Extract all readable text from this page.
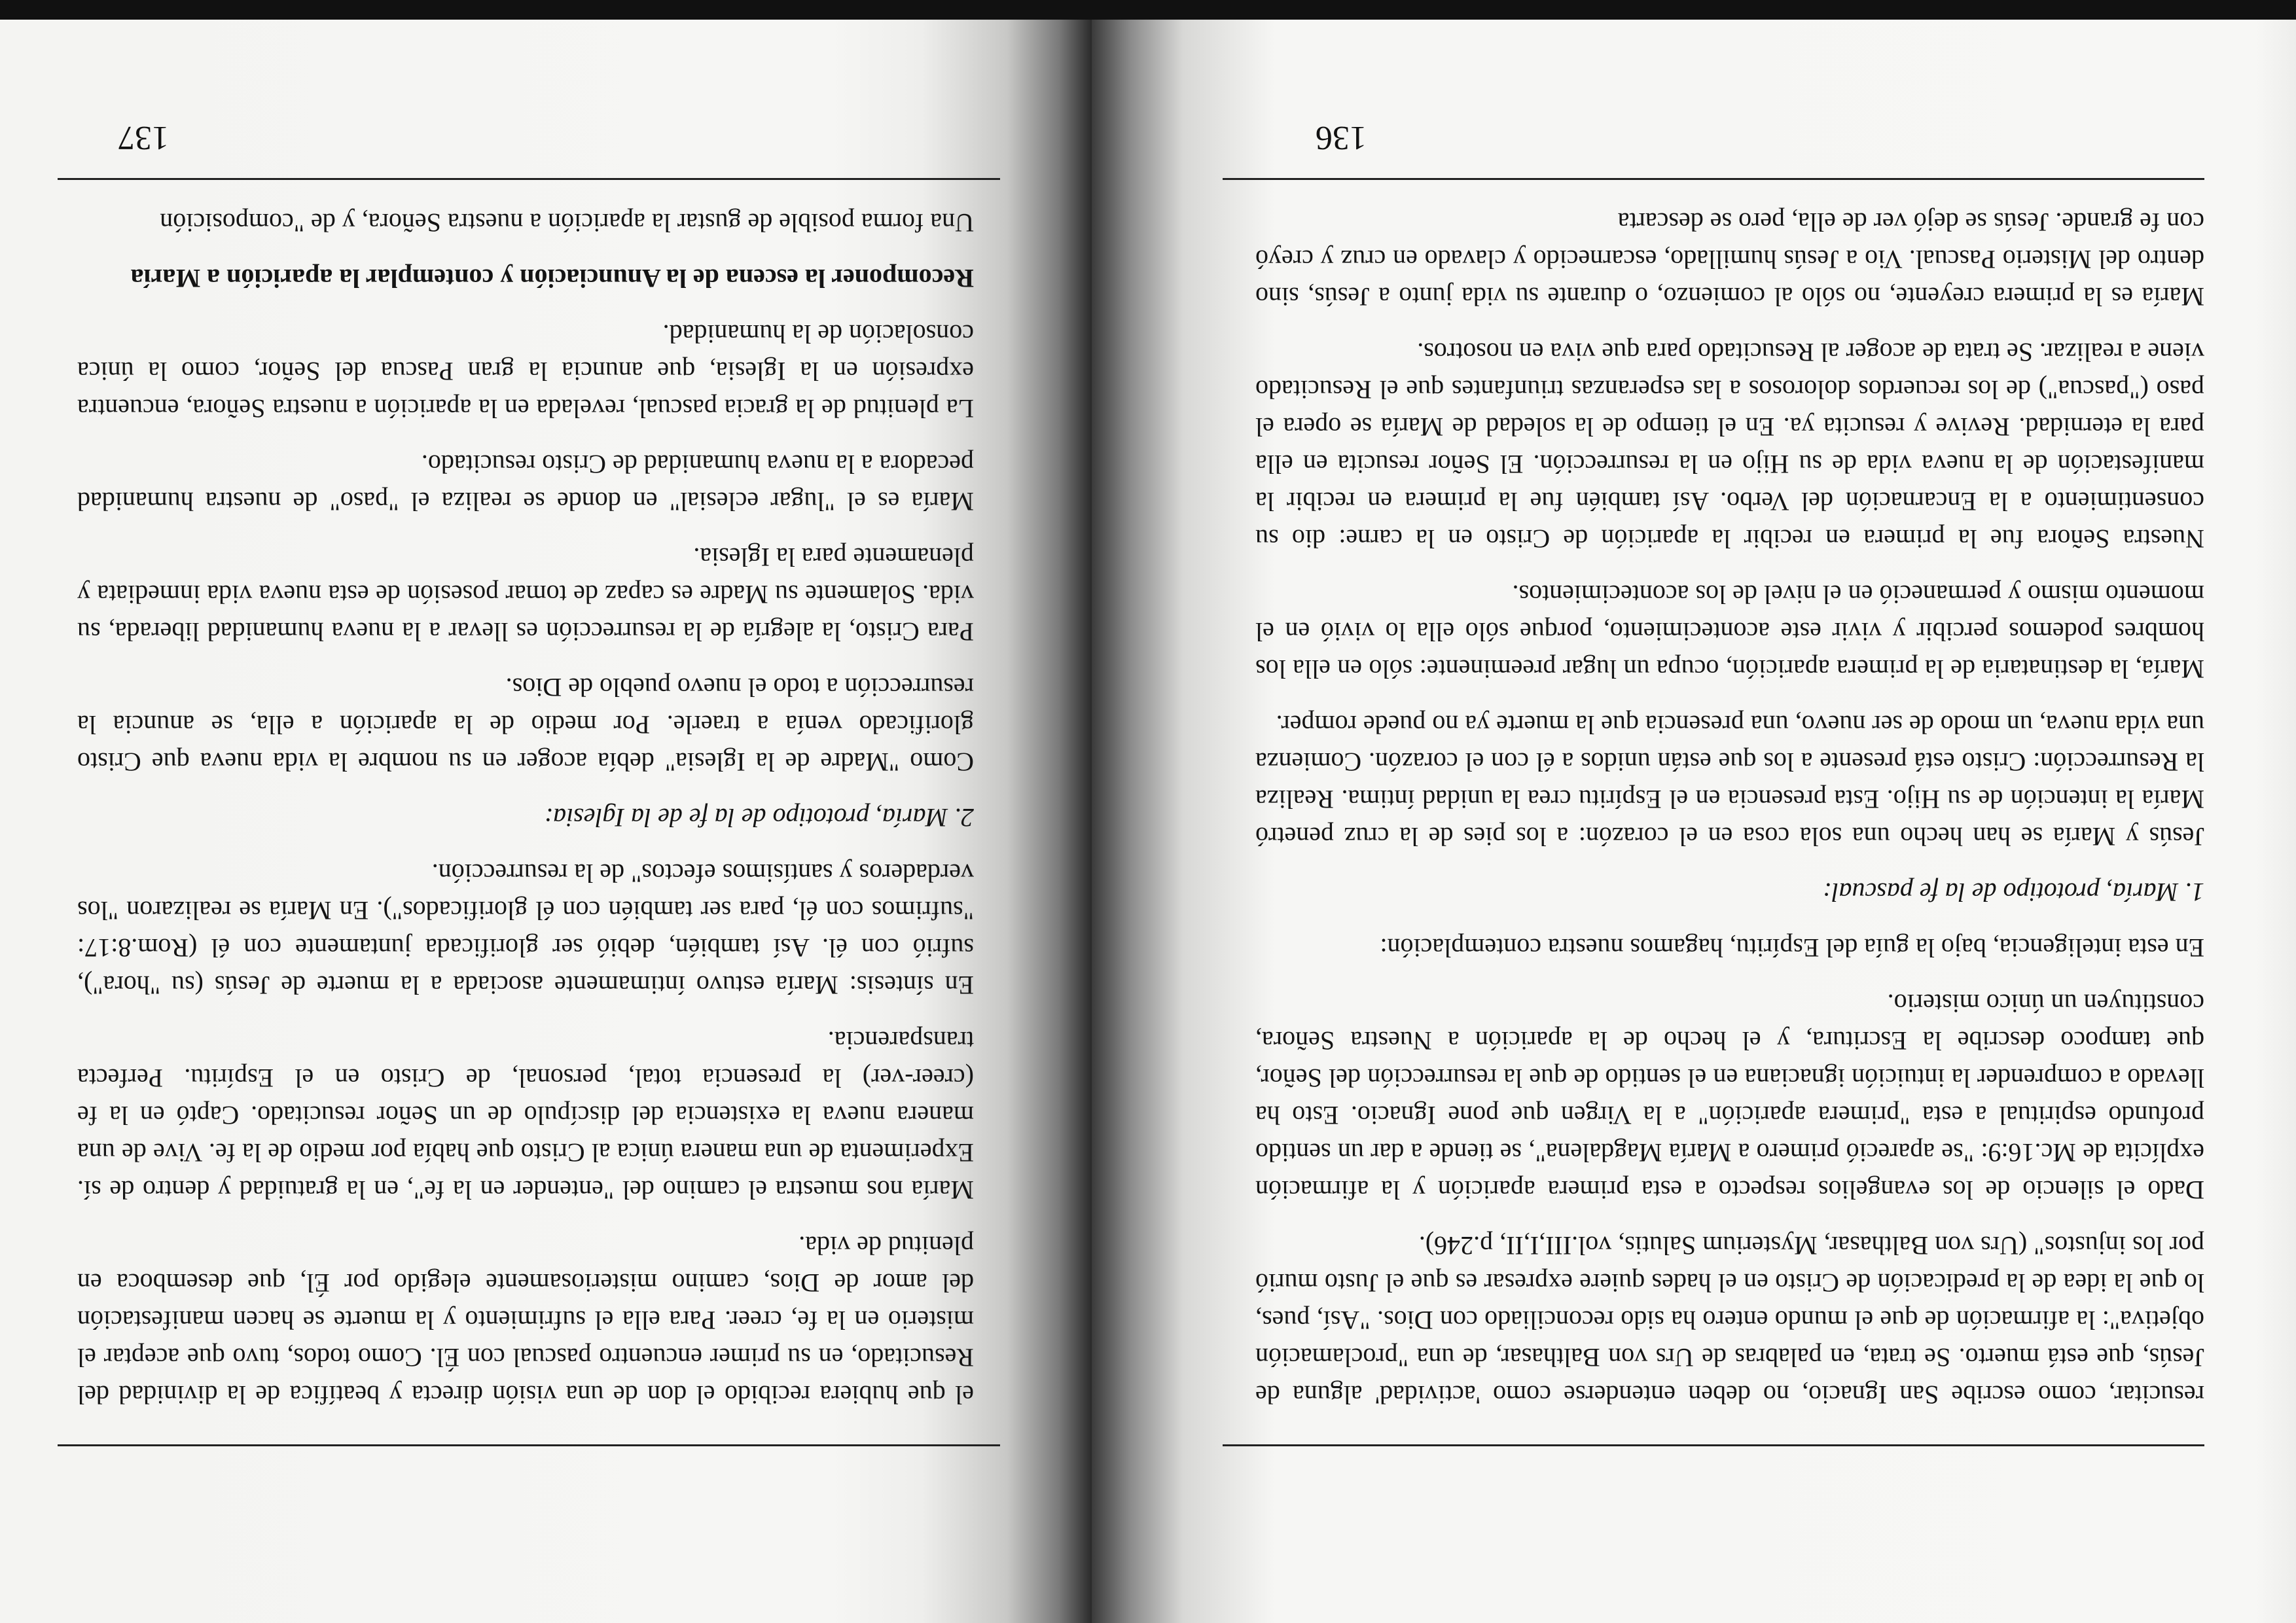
136

resucitar, como escribe San Ignacio, no deben entenderse como 'actividad' alguna de Jesús, que está muerto. Se trata, en palabras de Urs von Balthasar, de una "proclamación objetiva": la afirmación de que el mundo entero ha sido reconciliado con Dios. "Así, pues, lo que la idea de la predicación de Cristo en el hades quiere expresar es que el Justo murió por los injustos" (Urs von Balthasar, Mysterium Salutis, vol.III,I,II, p.246).

Dado el silencio de los evangelios respecto a esta primera aparición y la afirmación explícita de Mc.16:9: "se apareció primero a María Magdalena", se tiende a dar un sentido profundo espiritual a esta "primera aparición" a la Virgen que pone Ignacio. Esto ha llevado a comprender la intuición ignaciana en el sentido de que la resurrección del Señor, que tampoco describe la Escritura, y el hecho de la aparición a Nuestra Señora, constituyen un único misterio.

En esta inteligencia, bajo la guía del Espíritu, hagamos nuestra contemplación:

1. María, prototipo de la fe pascual:

Jesús y María se han hecho una sola cosa en el corazón: a los pies de la cruz penetró María la intención de su Hijo. Esta presencia en el Espíritu crea la unidad íntima. Realiza la Resurrección: Cristo está presente a los que están unidos a él con el corazón. Comienza una vida nueva, un modo de ser nuevo, una presencia que la muerte ya no puede romper.

María, la destinataria de la primera aparición, ocupa un lugar preeminente: sólo en ella los hombres podemos percibir y vivir este acontecimiento, porque sólo ella lo vivió en el momento mismo y permaneció en el nivel de los acontecimientos.

Nuestra Señora fue la primera en recibir la aparición de Cristo en la carne: dio su consentimiento a la Encarnación del Verbo. Así también fue la primera en recibir la manifestación de la nueva vida de su Hijo en la resurrección. El Señor resucita en ella para la eternidad. Revive y resucita ya. En el tiempo de la soledad de María se opera el paso ("pascua") de los recuerdos dolorosos a las esperanzas triunfantes que el Resucitado viene a realizar. Se trata de acoger al Resucitado para que viva en nosotros.

María es la primera creyente, no sólo al comienzo, o durante su vida junto a Jesús, sino dentro del Misterio Pascual. Vio a Jesús humillado, escarnecido y clavado en cruz y creyó con fe grande. Jesús se dejó ver de ella, pero se descarta

137

el que hubiera recibido el don de una visión directa y beatífica de la divinidad del Resucitado, en su primer encuentro pascual con Él. Como todos, tuvo que aceptar el misterio en la fe, creer. Para ella el sufrimiento y la muerte se hacen manifestación del amor de Dios, camino misteriosamente elegido por Él, que desemboca en plenitud de vida.

María nos muestra el camino del "entender en la fe", en la gratuidad y dentro de sí. Experimenta de una manera única al Cristo que había por medio de la fe. Vive de una manera nueva la existencia del discípulo de un Señor resucitado. Captó en la fe (creer-ver) la presencia total, personal, de Cristo en el Espíritu. Perfecta transparencia.

En síntesis: María estuvo íntimamente asociada a la muerte de Jesús (su "hora"), sufrió con él. Así también, debió ser glorificada juntamente con él (Rom.8:17: "sufrimos con él, para ser también con él glorificados"). En María se realizaron "los verdaderos y santísimos efectos" de la resurrección.

2. María, prototipo de la fe de la Iglesia:

Como "Madre de la Iglesia" debía acoger en su nombre la vida nueva que Cristo glorificado venía a traerle. Por medio de la aparición a ella, se anuncia la resurrección a todo el nuevo pueblo de Dios.

Para Cristo, la alegría de la resurrección es llevar a la nueva humanidad liberada, su vida. Solamente su Madre es capaz de tomar posesión de esta nueva vida inmediata y plenamente para la Iglesia.

María es el "lugar eclesial" en donde se realiza el "paso" de nuestra humanidad pecadora a la nueva humanidad de Cristo resucitado.

La plenitud de la gracia pascual, revelada en la aparición a nuestra Señora, encuentra expresión en la Iglesia, que anuncia la gran Pascua del Señor, como la única consolación de la humanidad.

Recomponer la escena de la Anunciación y contemplar la aparición a María

Una forma posible de gustar la aparición a nuestra Señora, y de "composición
